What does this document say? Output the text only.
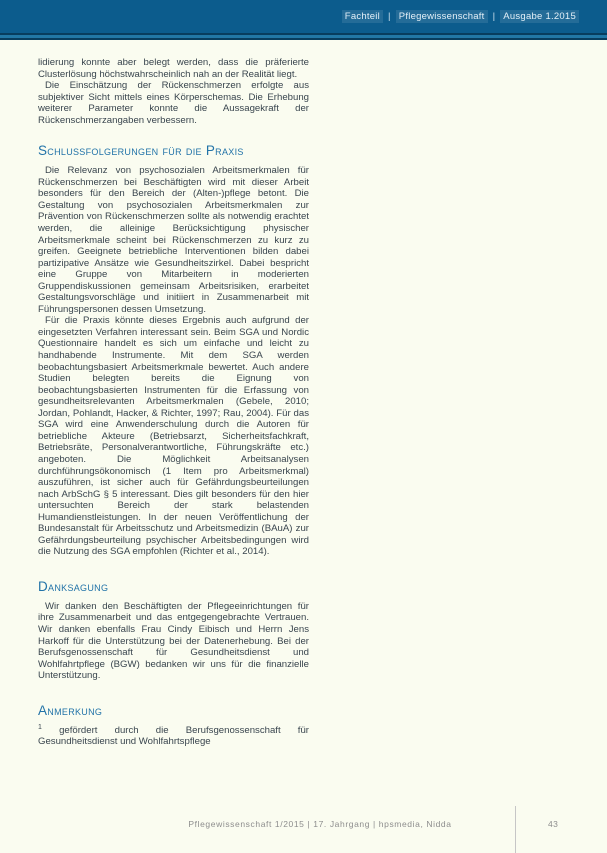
Fachteil | Pflegewissenschaft | Ausgabe 1.2015

lidierung konnte aber belegt werden, dass die präferierte Clusterlösung höchstwahrscheinlich nah an der Realität liegt.

Die Einschätzung der Rückenschmerzen erfolgte aus subjektiver Sicht mittels eines Körperschemas. Die Erhebung weiterer Parameter konnte die Aussagekraft der Rückenschmerzangaben verbessern.

Schlussfolgerungen für die Praxis

Die Relevanz von psychosozialen Arbeitsmerkmalen für Rückenschmerzen bei Beschäftigten wird mit dieser Arbeit besonders für den Bereich der (Alten-)pflege betont. Die Gestaltung von psychosozialen Arbeitsmerkmalen zur Prävention von Rückenschmerzen sollte als notwendig erachtet werden, die alleinige Berücksichtigung physischer Arbeitsmerkmale scheint bei Rückenschmerzen zu kurz zu greifen. Geeignete betriebliche Interventionen bilden dabei partizipative Ansätze wie Gesundheitszirkel. Dabei bespricht eine Gruppe von Mitarbeitern in moderierten Gruppendiskussionen gemeinsam Arbeitsrisiken, erarbeitet Gestaltungsvorschläge und initiiert in Zusammenarbeit mit Führungspersonen dessen Umsetzung.

Für die Praxis könnte dieses Ergebnis auch aufgrund der eingesetzten Verfahren interessant sein. Beim SGA und Nordic Questionnaire handelt es sich um einfache und leicht zu handhabende Instrumente. Mit dem SGA werden beobachtungsbasiert Arbeitsmerkmale bewertet. Auch andere Studien belegten bereits die Eignung von beobachtungsbasierten Instrumenten für die Erfassung von gesundheitsrelevanten Arbeitsmerkmalen (Gebele, 2010; Jordan, Pohlandt, Hacker, & Richter, 1997; Rau, 2004). Für das SGA wird eine Anwenderschulung durch die Autoren für betriebliche Akteure (Betriebsarzt, Sicherheitsfachkraft, Betriebsräte, Personalverantwortliche, Führungskräfte etc.) angeboten. Die Möglichkeit Arbeitsanalysen durchführungsökonomisch (1 Item pro Arbeitsmerkmal) auszuführen, ist sicher auch für Gefährdungsbeurteilungen nach ArbSchG § 5 interessant. Dies gilt besonders für den hier untersuchten Bereich der stark belastenden Humandienstleistungen. In der neuen Veröffentlichung der Bundesanstalt für Arbeitsschutz und Arbeitsmedizin (BAuA) zur Gefährdungsbeurteilung psychischer Arbeitsbedingungen wird die Nutzung des SGA empfohlen (Richter et al., 2014).

Danksagung

Wir danken den Beschäftigten der Pflegeeinrichtungen für ihre Zusammenarbeit und das entgegengebrachte Vertrauen. Wir danken ebenfalls Frau Cindy Eibisch und Herrn Jens Harkoff für die Unterstützung bei der Datenerhebung. Bei der Berufsgenossenschaft für Gesundheitsdienst und Wohlfahrtpflege (BGW) bedanken wir uns für die finanzielle Unterstützung.

Anmerkung

$^1$ gefördert durch die Berufsgenossenschaft für Gesundheitsdienst und Wohlfahrtspflege

Pflegewissenschaft 1/2015 | 17. Jahrgang | hpsmedia, Nidda	43
